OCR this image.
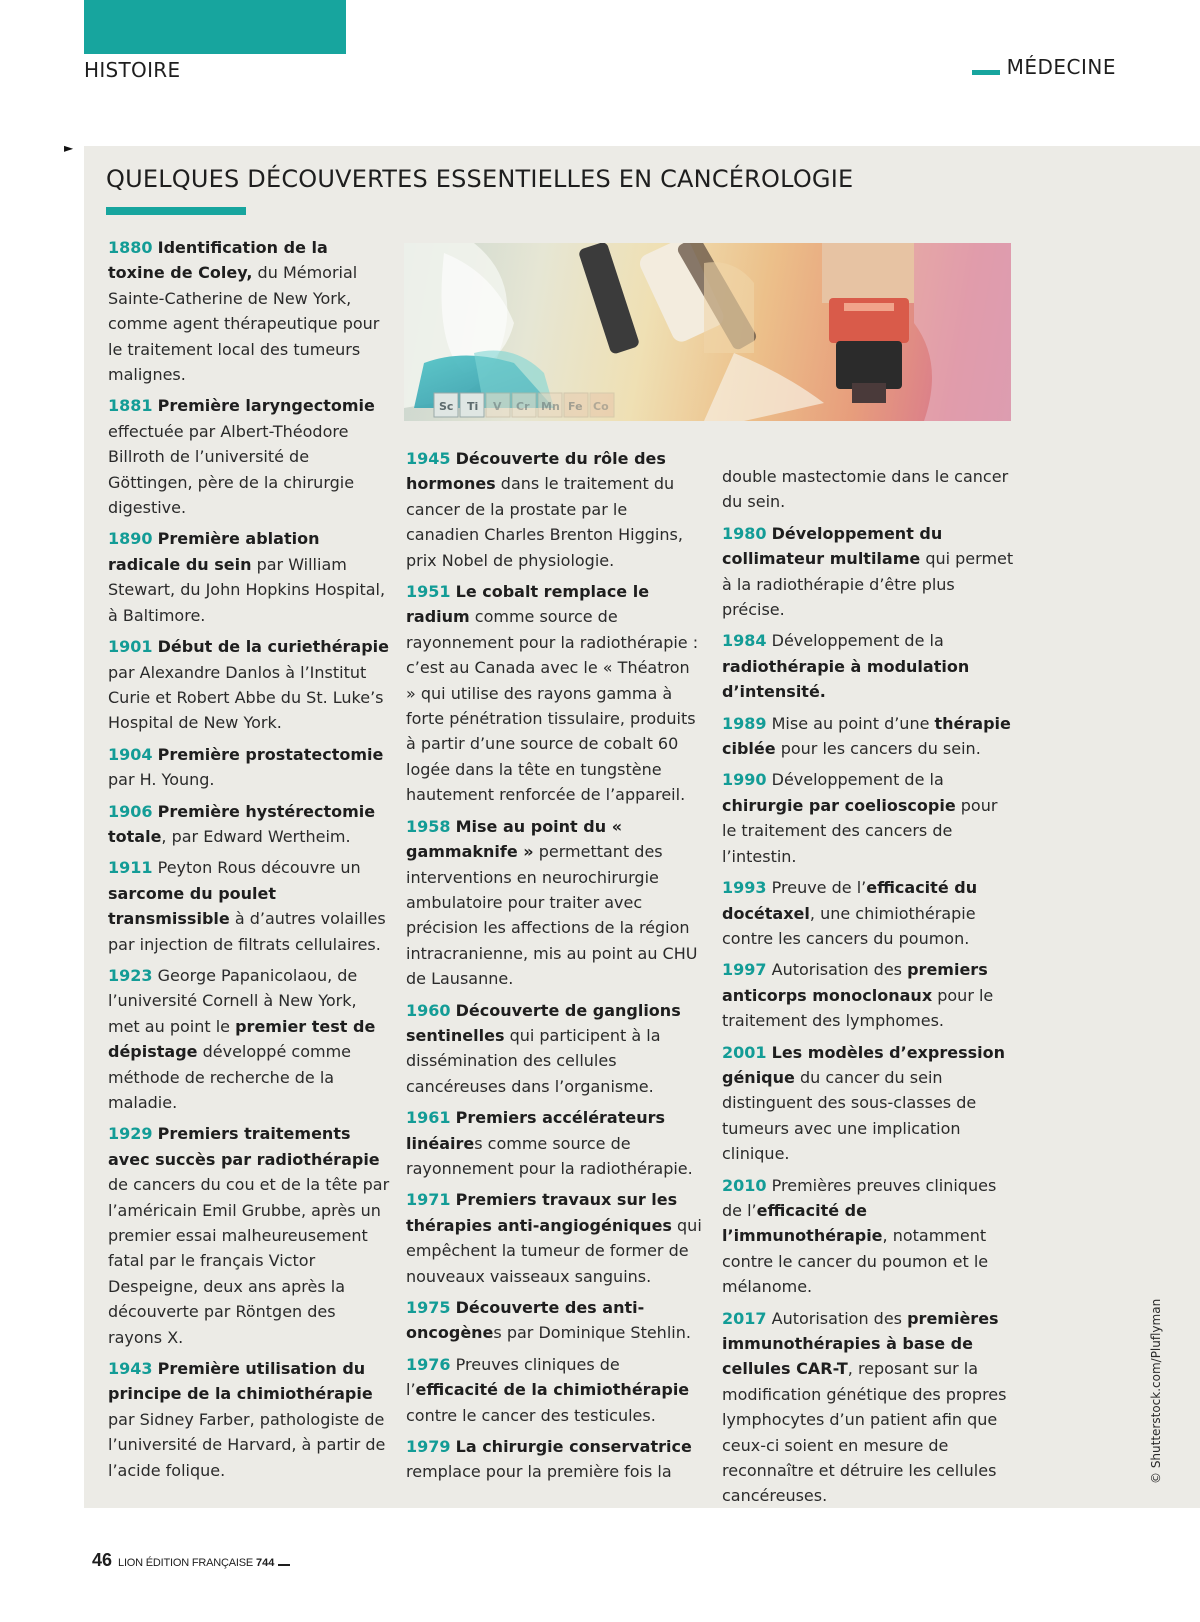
HISTOIRE	MÉDECINE
►
QUELQUES DÉCOUVERTES ESSENTIELLES EN CANCÉROLOGIE

1880 Identification de la toxine de Coley, du Mémorial Sainte-Catherine de New York, comme agent thérapeutique pour le traitement local des tumeurs malignes.

1881 Première laryngectomie effectuée par Albert-Théodore Billroth de l’université de Göttingen, père de la chirurgie digestive.

1890 Première ablation radicale du sein par William Stewart, du John Hopkins Hospital, à Baltimore.

1901 Début de la curiethérapie par Alexandre Danlos à l’Institut Curie et Robert Abbe du St. Luke’s Hospital de New York.

1904 Première prostatectomie par H. Young.

1906 Première hystérectomie totale, par Edward Wertheim.

1911 Peyton Rous découvre un sarcome du poulet transmissible à d’autres volailles par injection de filtrats cellulaires.

1923 George Papanicolaou, de l’université Cornell à New York, met au point le premier test de dépistage développé comme méthode de recherche de la maladie.

1929 Premiers traitements avec succès par radiothérapie de cancers du cou et de la tête par l’américain Emil Grubbe, après un premier essai malheureusement fatal par le français Victor Despeigne, deux ans après la découverte par Röntgen des rayons X.

1943 Première utilisation du principe de la chimiothérapie par Sidney Farber, pathologiste de l’université de Harvard, à partir de l’acide folique.

Sc Ti V Cr Mn Fe Co

1945 Découverte du rôle des hormones dans le traitement du cancer de la prostate par le canadien Charles Brenton Higgins, prix Nobel de physiologie.

1951 Le cobalt remplace le radium comme source de rayonnement pour la radiothérapie : c’est au Canada avec le « Théatron » qui utilise des rayons gamma à forte pénétration tissulaire, produits à partir d’une source de cobalt 60 logée dans la tête en tungstène hautement renforcée de l’appareil.

1958 Mise au point du « gammaknife » permettant des interventions en neurochirurgie ambulatoire pour traiter avec précision les affections de la région intracranienne, mis au point au CHU de Lausanne.

1960 Découverte de ganglions sentinelles qui participent à la dissémination des cellules cancéreuses dans l’organisme.

1961 Premiers accélérateurs linéaires comme source de rayonnement pour la radiothérapie.

1971 Premiers travaux sur les thérapies anti-angiogéniques qui empêchent la tumeur de former de nouveaux vaisseaux sanguins.

1975 Découverte des anti-oncogènes par Dominique Stehlin.

1976 Preuves cliniques de l’efficacité de la chimiothérapie contre le cancer des testicules.

1979 La chirurgie conservatrice remplace pour la première fois la

double mastectomie dans le cancer du sein.

1980 Développement du collimateur multilame qui permet à la radiothérapie d’être plus précise.

1984 Développement de la radiothérapie à modulation d’intensité.

1989 Mise au point d’une thérapie ciblée pour les cancers du sein.

1990 Développement de la chirurgie par coelioscopie pour le traitement des cancers de l’intestin.

1993 Preuve de l’efficacité du docétaxel, une chimiothérapie contre les cancers du poumon.

1997 Autorisation des premiers anticorps monoclonaux pour le traitement des lymphomes.

2001 Les modèles d’expression génique du cancer du sein distinguent des sous-classes de tumeurs avec une implication clinique.

2010 Premières preuves cliniques de l’efficacité de l’immunothérapie, notamment contre le cancer du poumon et le mélanome.

2017 Autorisation des premières immunothérapies à base de cellules CAR-T, reposant sur la modification génétique des propres lymphocytes d’un patient afin que ceux-ci soient en mesure de reconnaître et détruire les cellules cancéreuses.

© Shutterstock.com/Pluflyman
46 LION ÉDITION FRANÇAISE 744
